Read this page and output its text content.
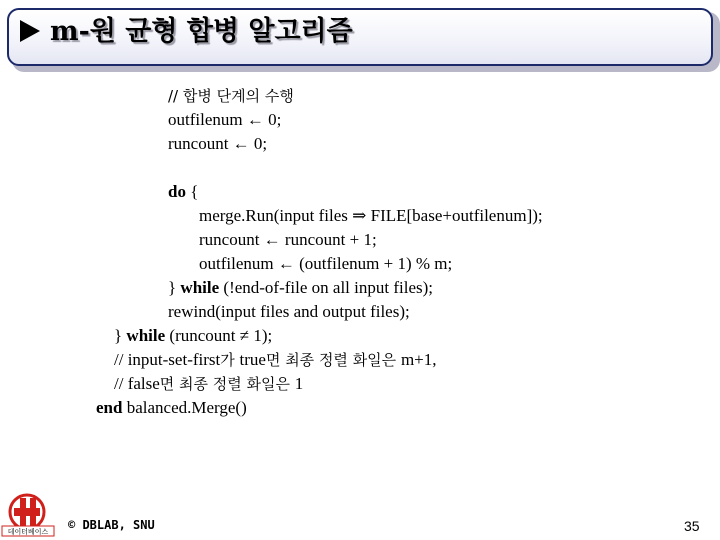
m-원 균형 합병 알고리즘
// 합병 단계의 수행
outfilenum ← 0;
runcount ← 0;
do {
merge.Run(input files ⇒ FILE[base+outfilenum]);
runcount ← runcount + 1;
outfilenum ← (outfilenum + 1) % m;
} while (!end-of-file on all input files);
rewind(input files and output files);
} while (runcount ≠ 1);
// input-set-first가 true면 최종 정렬 화일은 m+1,
// false면 최종 정렬 화일은 1
end balanced.Merge()
데이터베이스 © DBLAB, SNU	35
